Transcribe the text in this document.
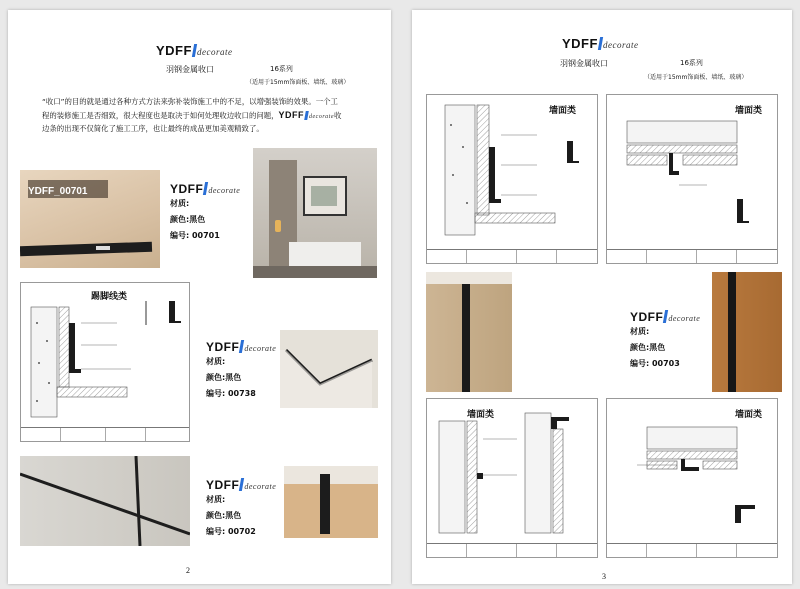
YDFF decorate
羽钢金属收口	16系列
（适用于15mm饰面板、墙纸、玻璃）
“收口”的目的就是通过各种方式方法来弥补装饰施工中的不足，以增强装饰的效果。一个工程的装修施工是否细致，很大程度也是取决于如何处理收边收口的问题，YDFF decorate收边条的出现不仅简化了施工工序，也让最终的成品更加美观精致了。
YDFF_00701	YDFF decorate
材质:
颜色:黑色
编号: 00701
踢脚线类
YDFF decorate
材质:
颜色:黑色
编号: 00738
YDFF decorate
材质:
颜色:黑色
编号: 00702
2
YDFF decorate
羽钢金属收口	16系列
（适用于15mm饰面板、墙纸、玻璃）
墙面类	墙面类
YDFF decorate
材质:
颜色:黑色
编号: 00703
墙面类	墙面类
3
